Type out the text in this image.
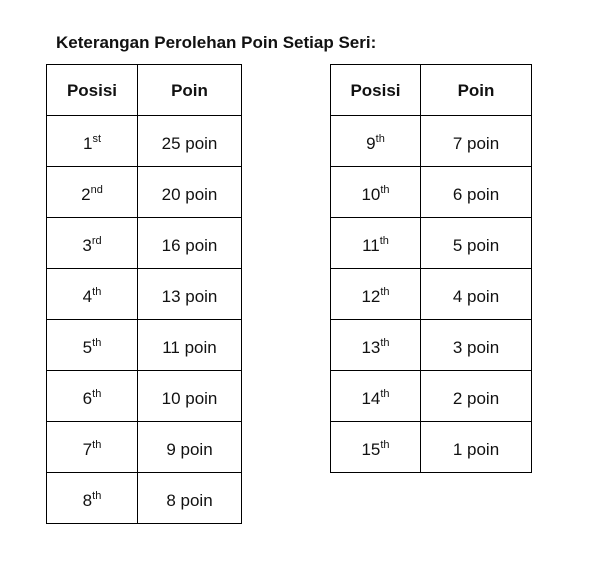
Keterangan Perolehan Poin Setiap Seri:
Posisi	Poin
1st	25 poin
2nd	20 poin
3rd	16 poin
4th	13 poin
5th	11 poin
6th	10 poin
7th	9 poin
8th	8 poin
Posisi	Poin
9th	7 poin
10th	6 poin
11th	5 poin
12th	4 poin
13th	3 poin
14th	2 poin
15th	1 poin
